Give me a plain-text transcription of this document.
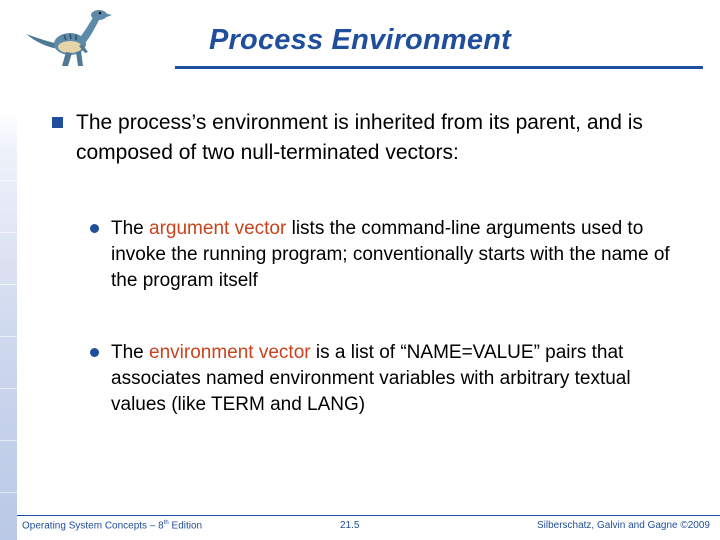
Process Environment
The process’s environment is inherited from its parent, and is composed of two null-terminated vectors:
The argument vector lists the command-line arguments used to invoke the running program; conventionally starts with the name of the program itself
The environment vector is a list of “NAME=VALUE” pairs that associates named environment variables with arbitrary textual values (like TERM and LANG)
Operating System Concepts – 8th Edition	21.5	Silberschatz, Galvin and Gagne ©2009
